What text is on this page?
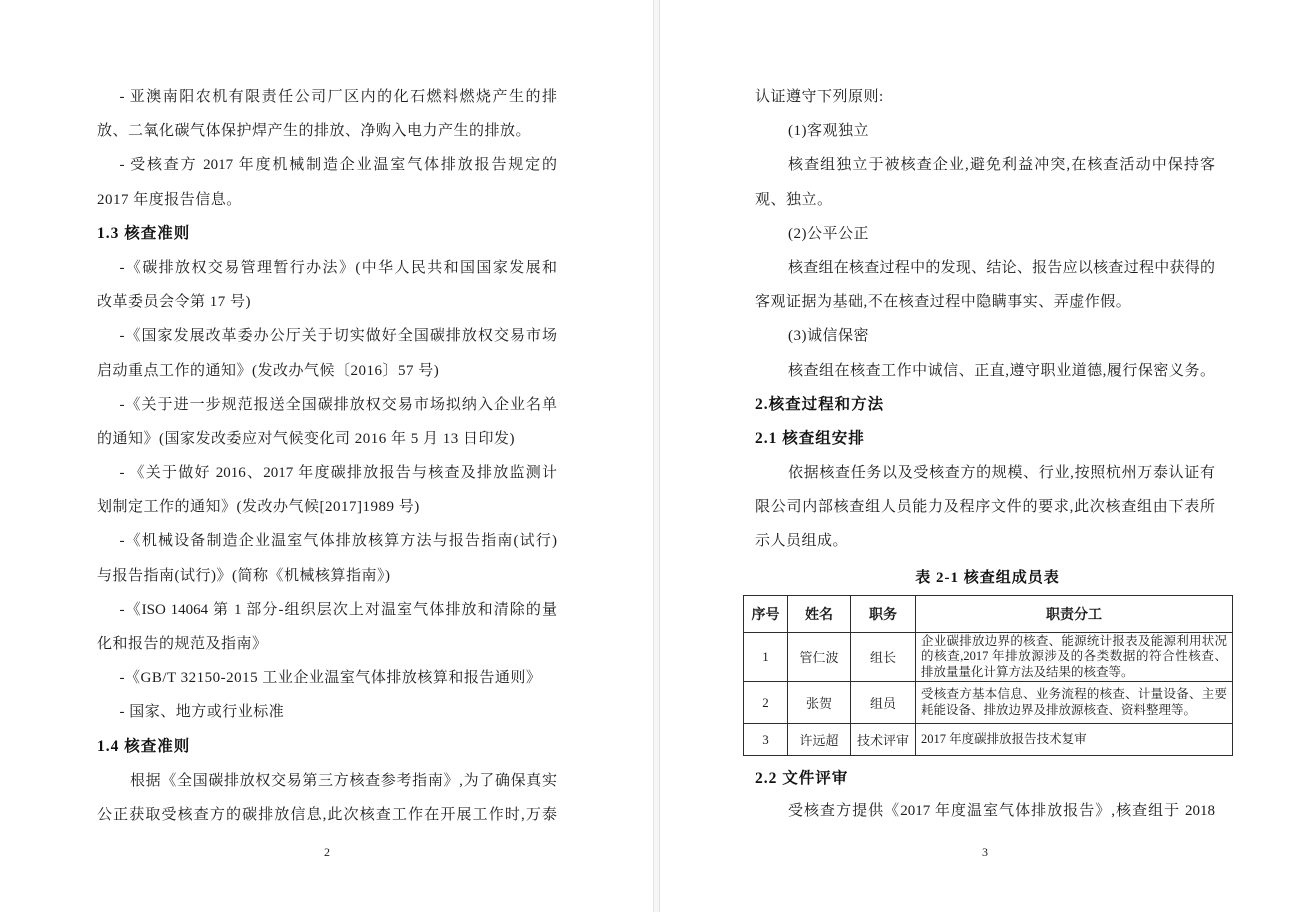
- 亚澳南阳农机有限责任公司厂区内的化石燃料燃烧产生的排
放、二氧化碳气体保护焊产生的排放、净购入电力产生的排放。
- 受核查方 2017 年度机械制造企业温室气体排放报告规定的
2017 年度报告信息。
1.3 核查准则
-《碳排放权交易管理暂行办法》(中华人民共和国国家发展和
改革委员会令第 17 号)
-《国家发展改革委办公厅关于切实做好全国碳排放权交易市场
启动重点工作的通知》(发改办气候〔2016〕57 号)
-《关于进一步规范报送全国碳排放权交易市场拟纳入企业名单
的通知》(国家发改委应对气候变化司 2016 年 5 月 13 日印发)
- 《关于做好 2016、2017 年度碳排放报告与核查及排放监测计
划制定工作的通知》(发改办气候[2017]1989 号)
-《机械设备制造企业温室气体排放核算方法与报告指南(试行)
与报告指南(试行)》(简称《机械核算指南》)
-《ISO 14064 第 1 部分-组织层次上对温室气体排放和清除的量
化和报告的规范及指南》
-《GB/T 32150-2015 工业企业温室气体排放核算和报告通则》
- 国家、地方或行业标准
1.4 核查准则
根据《全国碳排放权交易第三方核查参考指南》,为了确保真实
公正获取受核查方的碳排放信息,此次核查工作在开展工作时,万泰
2
认证遵守下列原则:
(1)客观独立
核查组独立于被核查企业,避免利益冲突,在核查活动中保持客
观、独立。
(2)公平公正
核查组在核查过程中的发现、结论、报告应以核查过程中获得的
客观证据为基础,不在核查过程中隐瞒事实、弄虚作假。
(3)诚信保密
核查组在核查工作中诚信、正直,遵守职业道德,履行保密义务。
2.核查过程和方法
2.1 核查组安排
依据核查任务以及受核查方的规模、行业,按照杭州万泰认证有
限公司内部核查组人员能力及程序文件的要求,此次核查组由下表所
示人员组成。
表 2-1 核查组成员表
序号	姓名	职务	职责分工
1	管仁波	组长	企业碳排放边界的核查、能源统计报表及能源利用状况的核查,2017 年排放源涉及的各类数据的符合性核查、排放量量化计算方法及结果的核查等。
2	张贺	组员	受核查方基本信息、业务流程的核查、计量设备、主要耗能设备、排放边界及排放源核查、资料整理等。
3	许远超	技术评审	2017 年度碳排放报告技术复审
2.2 文件评审
受核查方提供《2017 年度温室气体排放报告》,核查组于 2018
3
